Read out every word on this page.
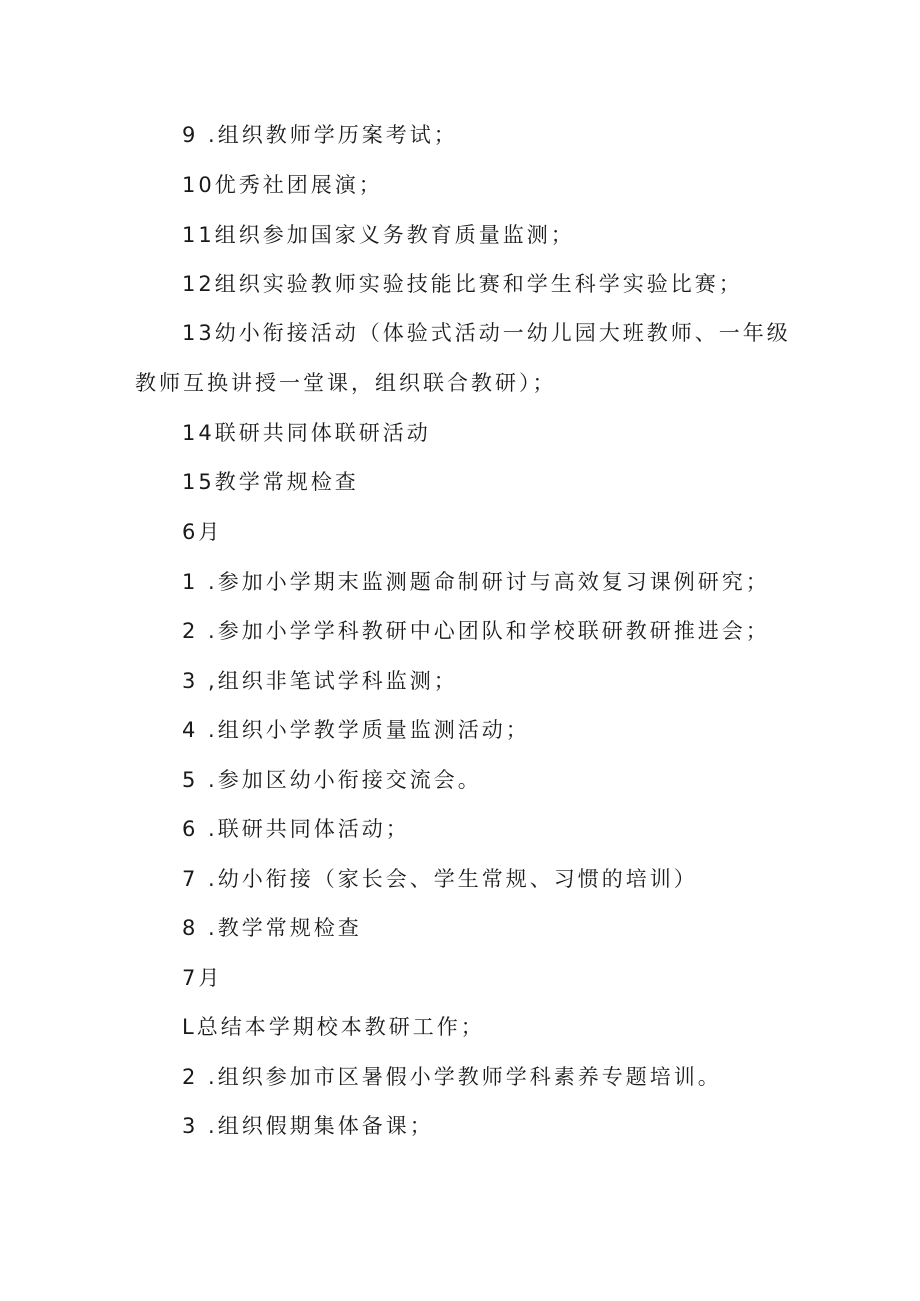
9 .组织教师学历案考试；
10优秀社团展演；
11组织参加国家义务教育质量监测；
12组织实验教师实验技能比赛和学生科学实验比赛；
13幼小衔接活动（体验式活动一幼儿园大班教师、一年级
教师互换讲授一堂课，组织联合教研）；
14联研共同体联研活动
15教学常规检查
6月
1 .参加小学期末监测题命制研讨与高效复习课例研究；
2 .参加小学学科教研中心团队和学校联研教研推进会；
3 ,组织非笔试学科监测；
4 .组织小学教学质量监测活动；
5 .参加区幼小衔接交流会。
6 .联研共同体活动；
7 .幼小衔接（家长会、学生常规、习惯的培训）
8 .教学常规检查
7月
L总结本学期校本教研工作；
2 .组织参加市区暑假小学教师学科素养专题培训。
3 .组织假期集体备课；
